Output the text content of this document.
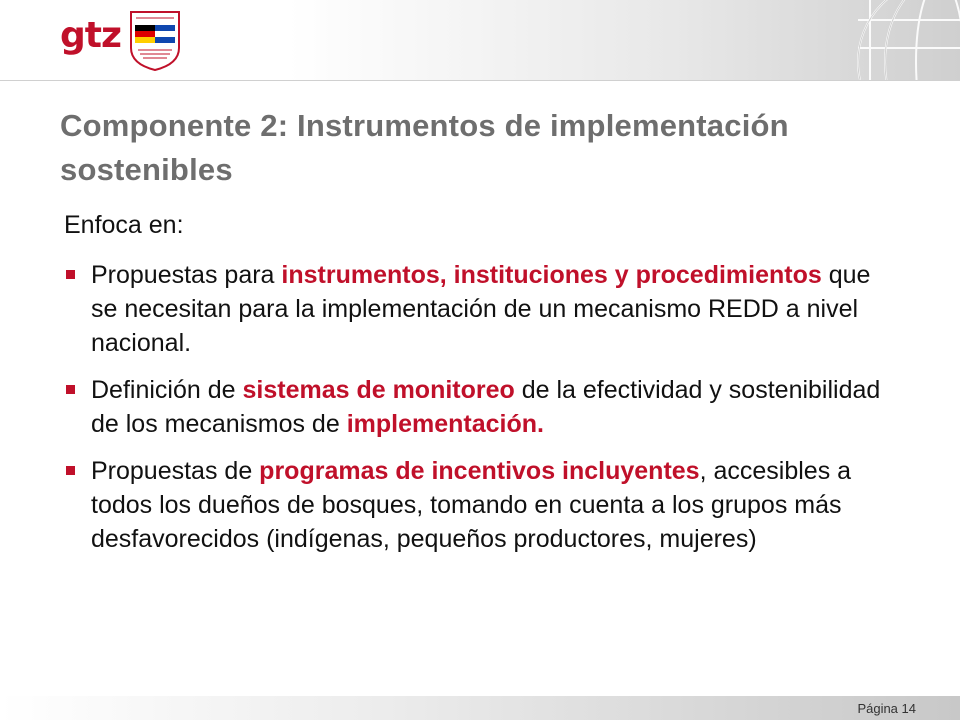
gtz
Componente 2: Instrumentos de implementación sostenibles
Enfoca en:
Propuestas para instrumentos, instituciones y procedimientos que se necesitan para la implementación de un mecanismo REDD a nivel nacional.
Definición de sistemas de monitoreo de la efectividad y sostenibilidad de los mecanismos de implementación.
Propuestas de programas de incentivos incluyentes, accesibles a todos los dueños de bosques, tomando en cuenta a los grupos más desfavorecidos (indígenas, pequeños productores, mujeres)
Página 14
